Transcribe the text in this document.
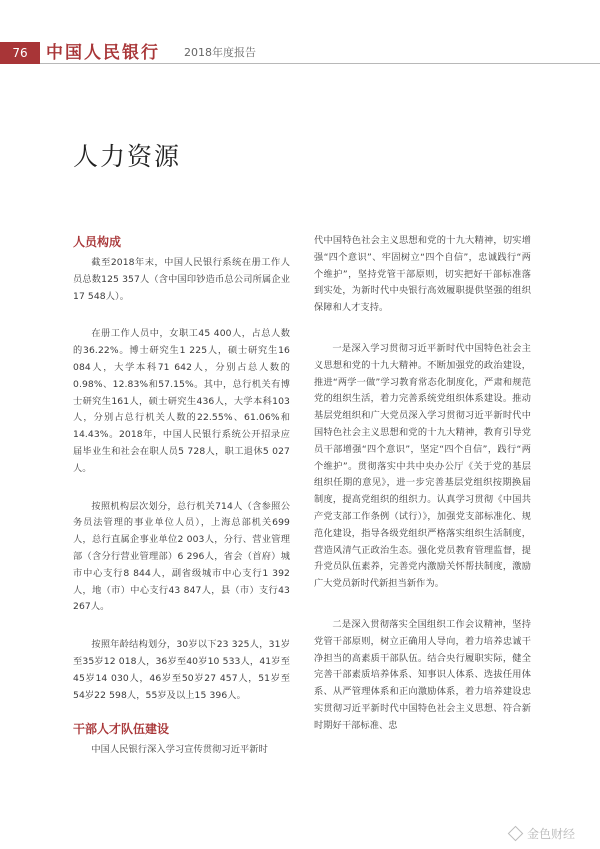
76	中国人民银行 2018年度报告
人力资源
人员构成

截至2018年末，中国人民银行系统在册工作人员总数125 357人（含中国印钞造币总公司所属企业17 548人）。

在册工作人员中，女职工45 400人，占总人数的36.22%。博士研究生1 225人，硕士研究生16 084人，大学本科71 642人，分别占总人数的0.98%、12.83%和57.15%。其中，总行机关有博士研究生161人，硕士研究生436人，大学本科103人，分别占总行机关人数的22.55%、61.06%和14.43%。2018年，中国人民银行系统公开招录应届毕业生和社会在职人员5 728人，职工退休5 027人。

按照机构层次划分，总行机关714人（含参照公务员法管理的事业单位人员），上海总部机关699人，总行直属企事业单位2 003人，分行、营业管理部（含分行营业管理部）6 296人，省会（首府）城市中心支行8 844人，副省级城市中心支行1 392人，地（市）中心支行43 847人，县（市）支行43 267人。

按照年龄结构划分，30岁以下23 325人，31岁至35岁12 018人，36岁至40岁10 533人，41岁至45岁14 030人，46岁至50岁27 457人，51岁至54岁22 598人，55岁及以上15 396人。

干部人才队伍建设

中国人民银行深入学习宣传贯彻习近平新时

代中国特色社会主义思想和党的十九大精神，切实增强“四个意识”、牢固树立“四个自信”，忠诚践行“两个维护”，坚持党管干部原则，切实把好干部标准落到实处，为新时代中央银行高效履职提供坚强的组织保障和人才支持。

一是深入学习贯彻习近平新时代中国特色社会主义思想和党的十九大精神。不断加强党的政治建设，推进“两学一做”学习教育常态化制度化，严肃和规范党的组织生活，着力完善系统党组织体系建设。推动基层党组织和广大党员深入学习贯彻习近平新时代中国特色社会主义思想和党的十九大精神，教育引导党员干部增强“四个意识”，坚定“四个自信”，践行“两个维护”。贯彻落实中共中央办公厅《关于党的基层组织任期的意见》，进一步完善基层党组织按期换届制度，提高党组织的组织力。认真学习贯彻《中国共产党支部工作条例（试行）》，加强党支部标准化、规范化建设，指导各级党组织严格落实组织生活制度，营造风清气正政治生态。强化党员教育管理监督，提升党员队伍素养，完善党内激励关怀帮扶制度，激励广大党员新时代新担当新作为。

二是深入贯彻落实全国组织工作会议精神，坚持党管干部原则，树立正确用人导向，着力培养忠诚干净担当的高素质干部队伍。结合央行履职实际，健全完善干部素质培养体系、知事识人体系、选拔任用体系、从严管理体系和正向激励体系，着力培养建设忠实贯彻习近平新时代中国特色社会主义思想、符合新时期好干部标准、忠

金色财经
